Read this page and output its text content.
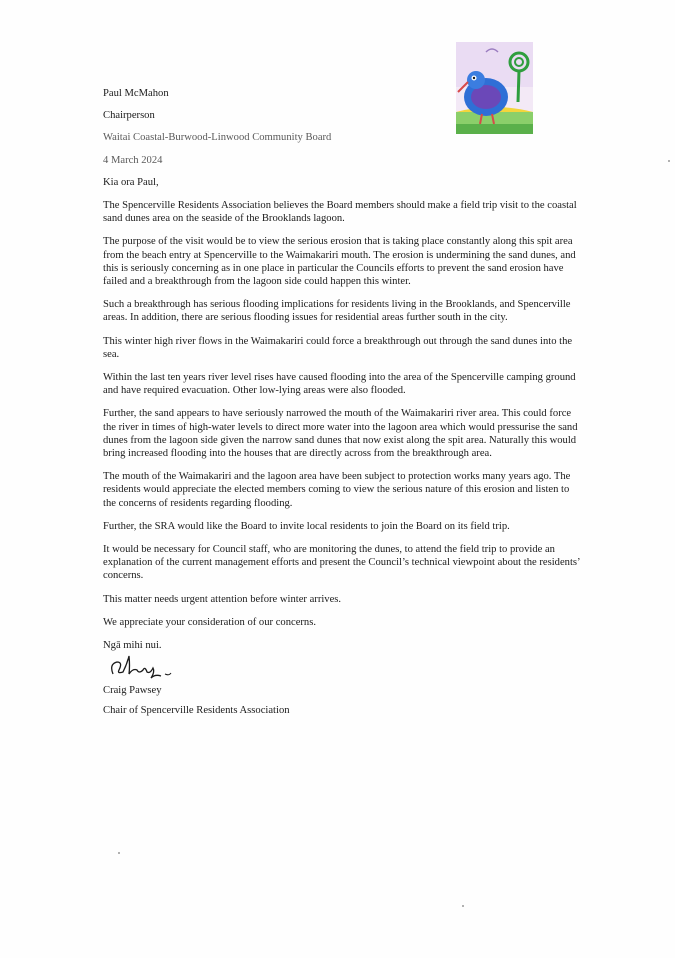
Paul McMahon

Chairperson

Waitai Coastal-Burwood-Linwood Community Board

4 March 2024

Kia ora Paul,

The Spencerville Residents Association believes the Board members should make a field trip visit to the coastal sand dunes area on the seaside of the Brooklands lagoon.

The purpose of the visit would be to view the serious erosion that is taking place constantly along this spit area from the beach entry at Spencerville to the Waimakariri mouth. The erosion is undermining the sand dunes, and this is seriously concerning as in one place in particular the Councils efforts to prevent the sand erosion have failed and a breakthrough from the lagoon side could happen this winter.

Such a breakthrough has serious flooding implications for residents living in the Brooklands, and Spencerville areas. In addition, there are serious flooding issues for residential areas further south in the city.

This winter high river flows in the Waimakariri could force a breakthrough out through the sand dunes into the sea.

Within the last ten years river level rises have caused flooding into the area of the Spencerville camping ground and have required evacuation. Other low-lying areas were also flooded.

Further, the sand appears to have seriously narrowed the mouth of the Waimakariri river area. This could force the river in times of high-water levels to direct more water into the lagoon area which would pressurise the sand dunes from the lagoon side given the narrow sand dunes that now exist along the spit area. Naturally this would bring increased flooding into the houses that are directly across from the breakthrough area.

The mouth of the Waimakariri and the lagoon area have been subject to protection works many years ago. The residents would appreciate the elected members coming to view the serious nature of this erosion and listen to the concerns of residents regarding flooding.

Further, the SRA would like the Board to invite local residents to join the Board on its field trip.

It would be necessary for Council staff, who are monitoring the dunes, to attend the field trip to provide an explanation of the current management efforts and present the Council’s technical viewpoint about the residents’ concerns.

This matter needs urgent attention before winter arrives.

We appreciate your consideration of our concerns.

Ngā mihi nui.

Craig Pawsey

Chair of Spencerville Residents Association
